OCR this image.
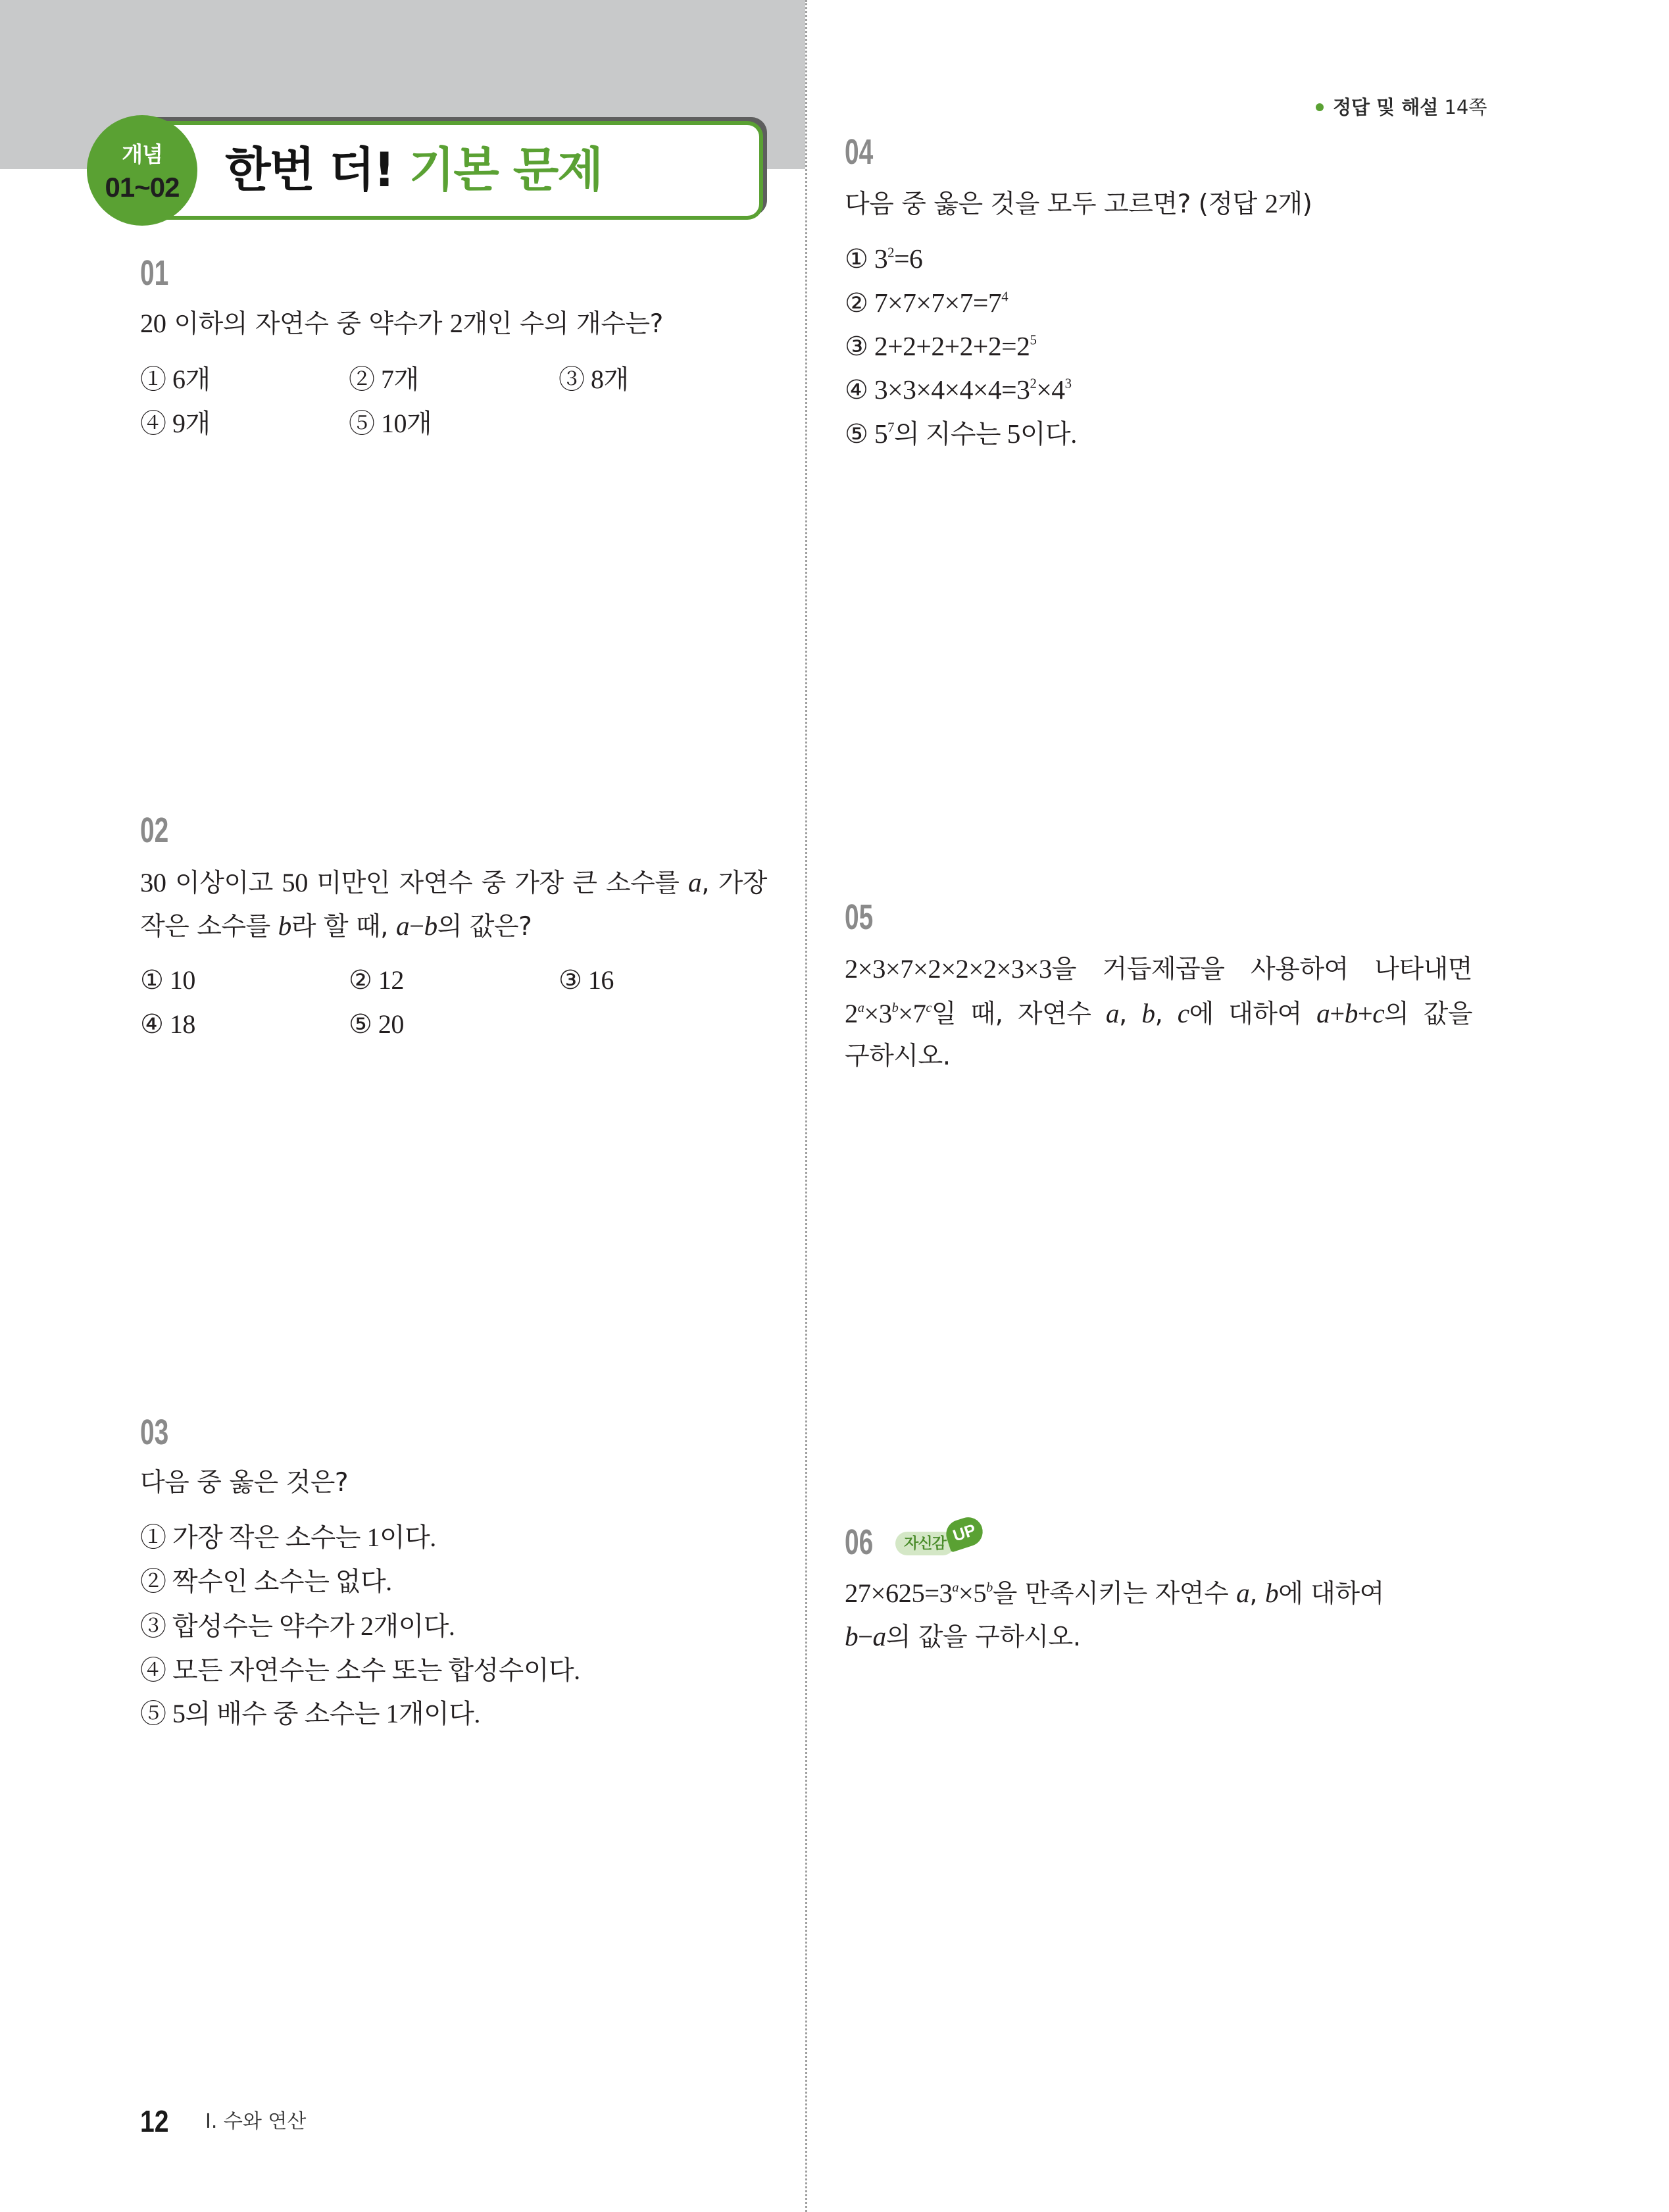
개념
01~02 한번 더! 기본 문제
정답 및 해설 14쪽
01
20 이하의 자연수 중 약수가 2개인 수의 개수는?
① 6개	② 7개	③ 8개
④ 9개	⑤ 10개
02
30 이상이고 50 미만인 자연수 중 가장 큰 소수를 a, 가장
작은 소수를 b라 할 때, a−b의 값은?
① 10	② 12	③ 16
④ 18	⑤ 20
03
다음 중 옳은 것은?
① 가장 작은 소수는 1이다.
② 짝수인 소수는 없다.
③ 합성수는 약수가 2개이다.
④ 모든 자연수는 소수 또는 합성수이다.
⑤ 5의 배수 중 소수는 1개이다.
04
다음 중 옳은 것을 모두 고르면? (정답 2개)
① $3^2=6$
② $7\times 7\times 7\times 7=7^4$
③ $2+2+2+2+2=2^5$
④ $3\times 3\times 4\times 4\times 4=3^2\times 4^3$
⑤ $5^7$의 지수는 5이다.
05
2×3×7×2×2×2×3×3을 거듭제곱을 사용하여 나타내면
$2^a\times 3^b\times 7^c$일 때, 자연수 a, b, c에 대하여 a+b+c의 값을
구하시오.
06	자신감 UP
$27\times 625=3^a\times 5^b$을 만족시키는 자연수 a, b에 대하여
b−a의 값을 구하시오.
12 I. 수와 연산
